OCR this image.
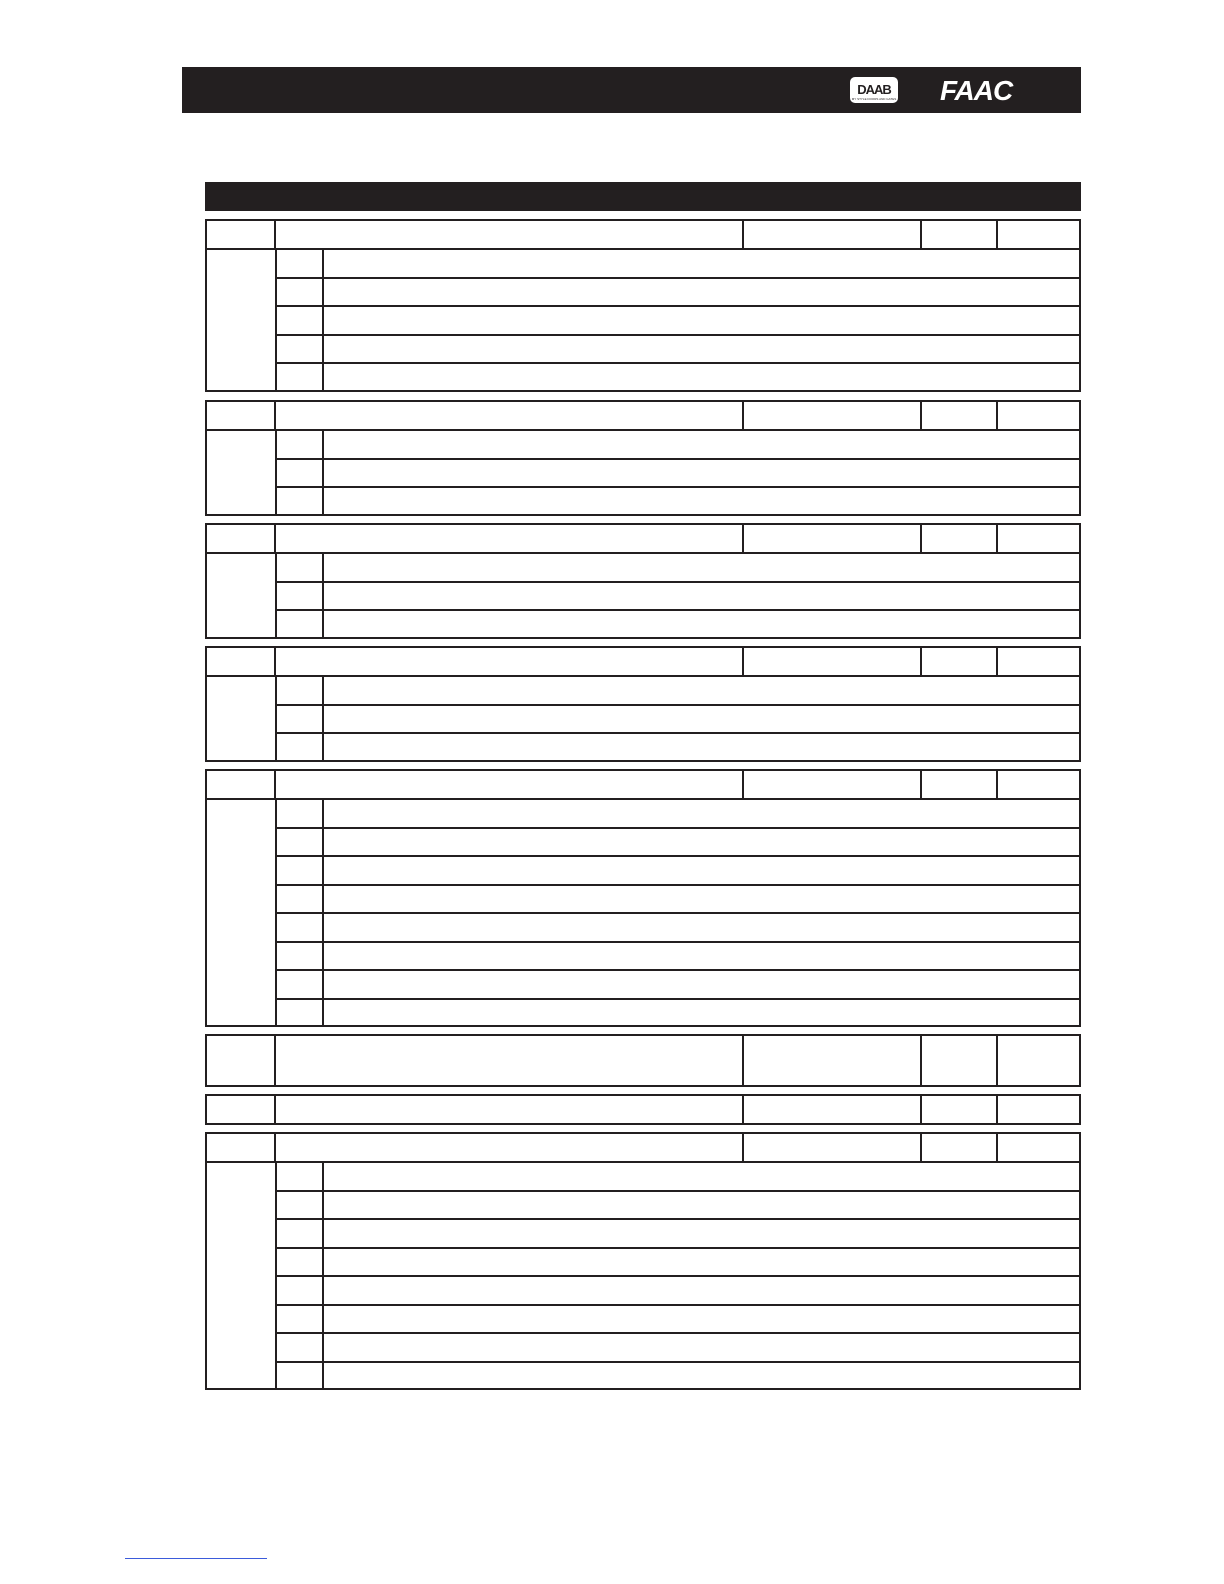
DAAB
MY STYLE DOORS AND GATES FAAC
